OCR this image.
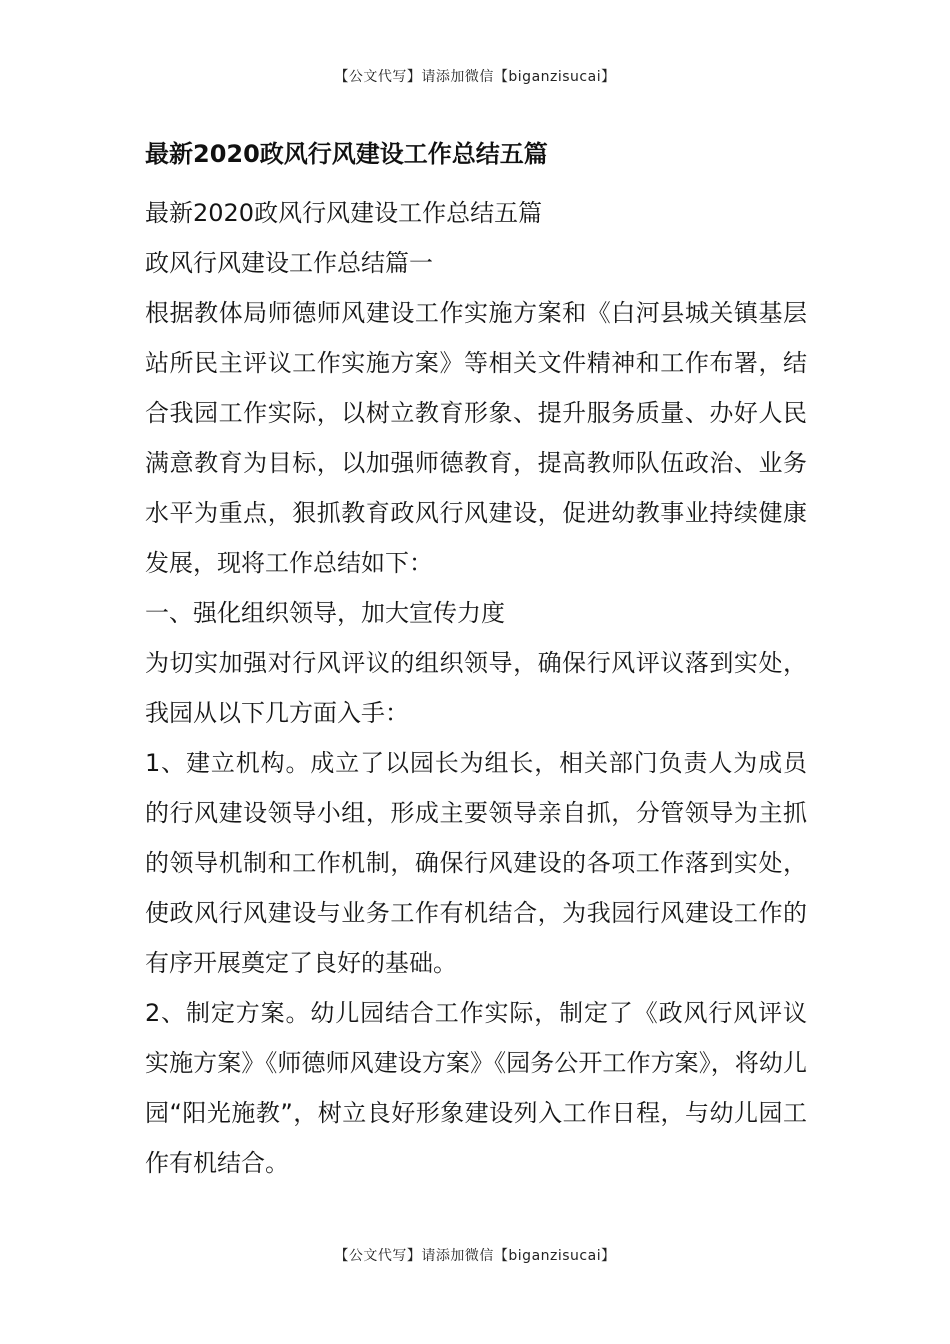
【公文代写】请添加微信【biganzisucai】
最新2020政风行风建设工作总结五篇

最新2020政风行风建设工作总结五篇

政风行风建设工作总结篇一

根据教体局师德师风建设工作实施方案和《白河县城关镇基层站所民主评议工作实施方案》等相关文件精神和工作布署，结合我园工作实际，以树立教育形象、提升服务质量、办好人民满意教育为目标，以加强师德教育，提高教师队伍政治、业务水平为重点，狠抓教育政风行风建设，促进幼教事业持续健康发展，现将工作总结如下：

一、强化组织领导，加大宣传力度

为切实加强对行风评议的组织领导，确保行风评议落到实处，我园从以下几方面入手：

1、建立机构。成立了以园长为组长，相关部门负责人为成员的行风建设领导小组，形成主要领导亲自抓，分管领导为主抓的领导机制和工作机制，确保行风建设的各项工作落到实处，使政风行风建设与业务工作有机结合，为我园行风建设工作的有序开展奠定了良好的基础。

2、制定方案。幼儿园结合工作实际，制定了《政风行风评议实施方案》《师德师风建设方案》《园务公开工作方案》，将幼儿园“阳光施教”，树立良好形象建设列入工作日程，与幼儿园工作有机结合。

【公文代写】请添加微信【biganzisucai】
